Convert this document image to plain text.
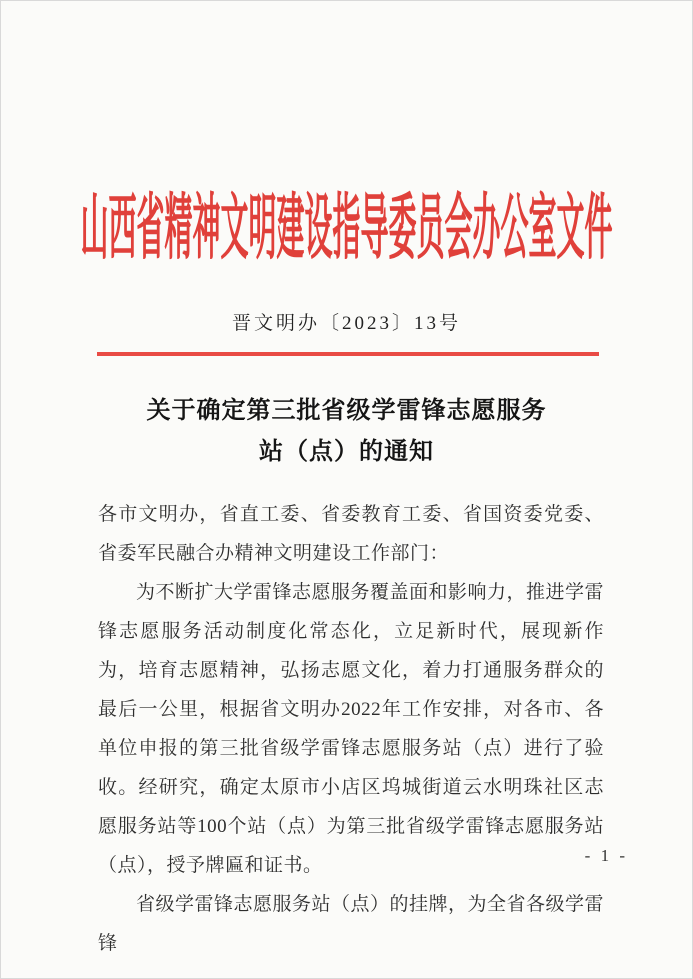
山西省精神文明建设指导委员会办公室文件
晋文明办〔2023〕13号
关于确定第三批省级学雷锋志愿服务
站（点）的通知

各市文明办，省直工委、省委教育工委、省国资委党委、省委军民融合办精神文明建设工作部门：

为不断扩大学雷锋志愿服务覆盖面和影响力，推进学雷锋志愿服务活动制度化常态化，立足新时代，展现新作为，培育志愿精神，弘扬志愿文化，着力打通服务群众的最后一公里，根据省文明办2022年工作安排，对各市、各单位申报的第三批省级学雷锋志愿服务站（点）进行了验收。经研究，确定太原市小店区坞城街道云水明珠社区志愿服务站等100个站（点）为第三批省级学雷锋志愿服务站（点），授予牌匾和证书。

省级学雷锋志愿服务站（点）的挂牌，为全省各级学雷锋

- 1 -
